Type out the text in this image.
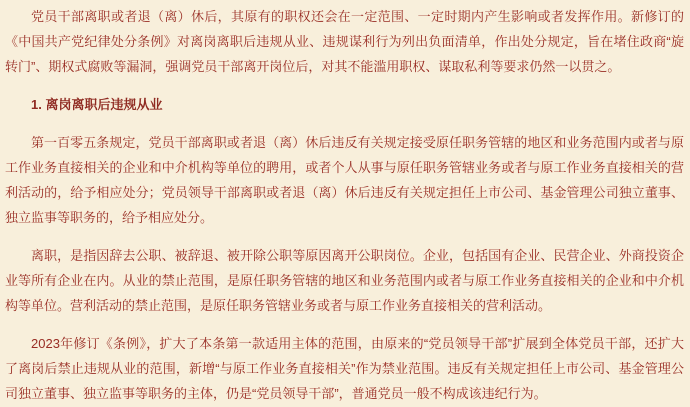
党员干部离职或者退（离）休后，其原有的职权还会在一定范围、一定时期内产生影响或者发挥作用。新修订的《中国共产党纪律处分条例》对离岗离职后违规从业、违规谋利行为列出负面清单，作出处分规定，旨在堵住政商“旋转门”、期权式腐败等漏洞，强调党员干部离开岗位后，对其不能滥用职权、谋取私利等要求仍然一以贯之。

1. 离岗离职后违规从业

第一百零五条规定，党员干部离职或者退（离）休后违反有关规定接受原任职务管辖的地区和业务范围内或者与原工作业务直接相关的企业和中介机构等单位的聘用，或者个人从事与原任职务管辖业务或者与原工作业务直接相关的营利活动的，给予相应处分；党员领导干部离职或者退（离）休后违反有关规定担任上市公司、基金管理公司独立董事、独立监事等职务的，给予相应处分。

离职，是指因辞去公职、被辞退、被开除公职等原因离开公职岗位。企业，包括国有企业、民营企业、外商投资企业等所有企业在内。从业的禁止范围，是原任职务管辖的地区和业务范围内或者与原工作业务直接相关的企业和中介机构等单位。营利活动的禁止范围，是原任职务管辖业务或者与原工作业务直接相关的营利活动。

2023年修订《条例》，扩大了本条第一款适用主体的范围，由原来的“党员领导干部”扩展到全体党员干部，还扩大了离岗后禁止违规从业的范围，新增“与原工作业务直接相关”作为禁业范围。违反有关规定担任上市公司、基金管理公司独立董事、独立监事等职务的主体，仍是“党员领导干部”，普通党员一般不构成该违纪行为。
